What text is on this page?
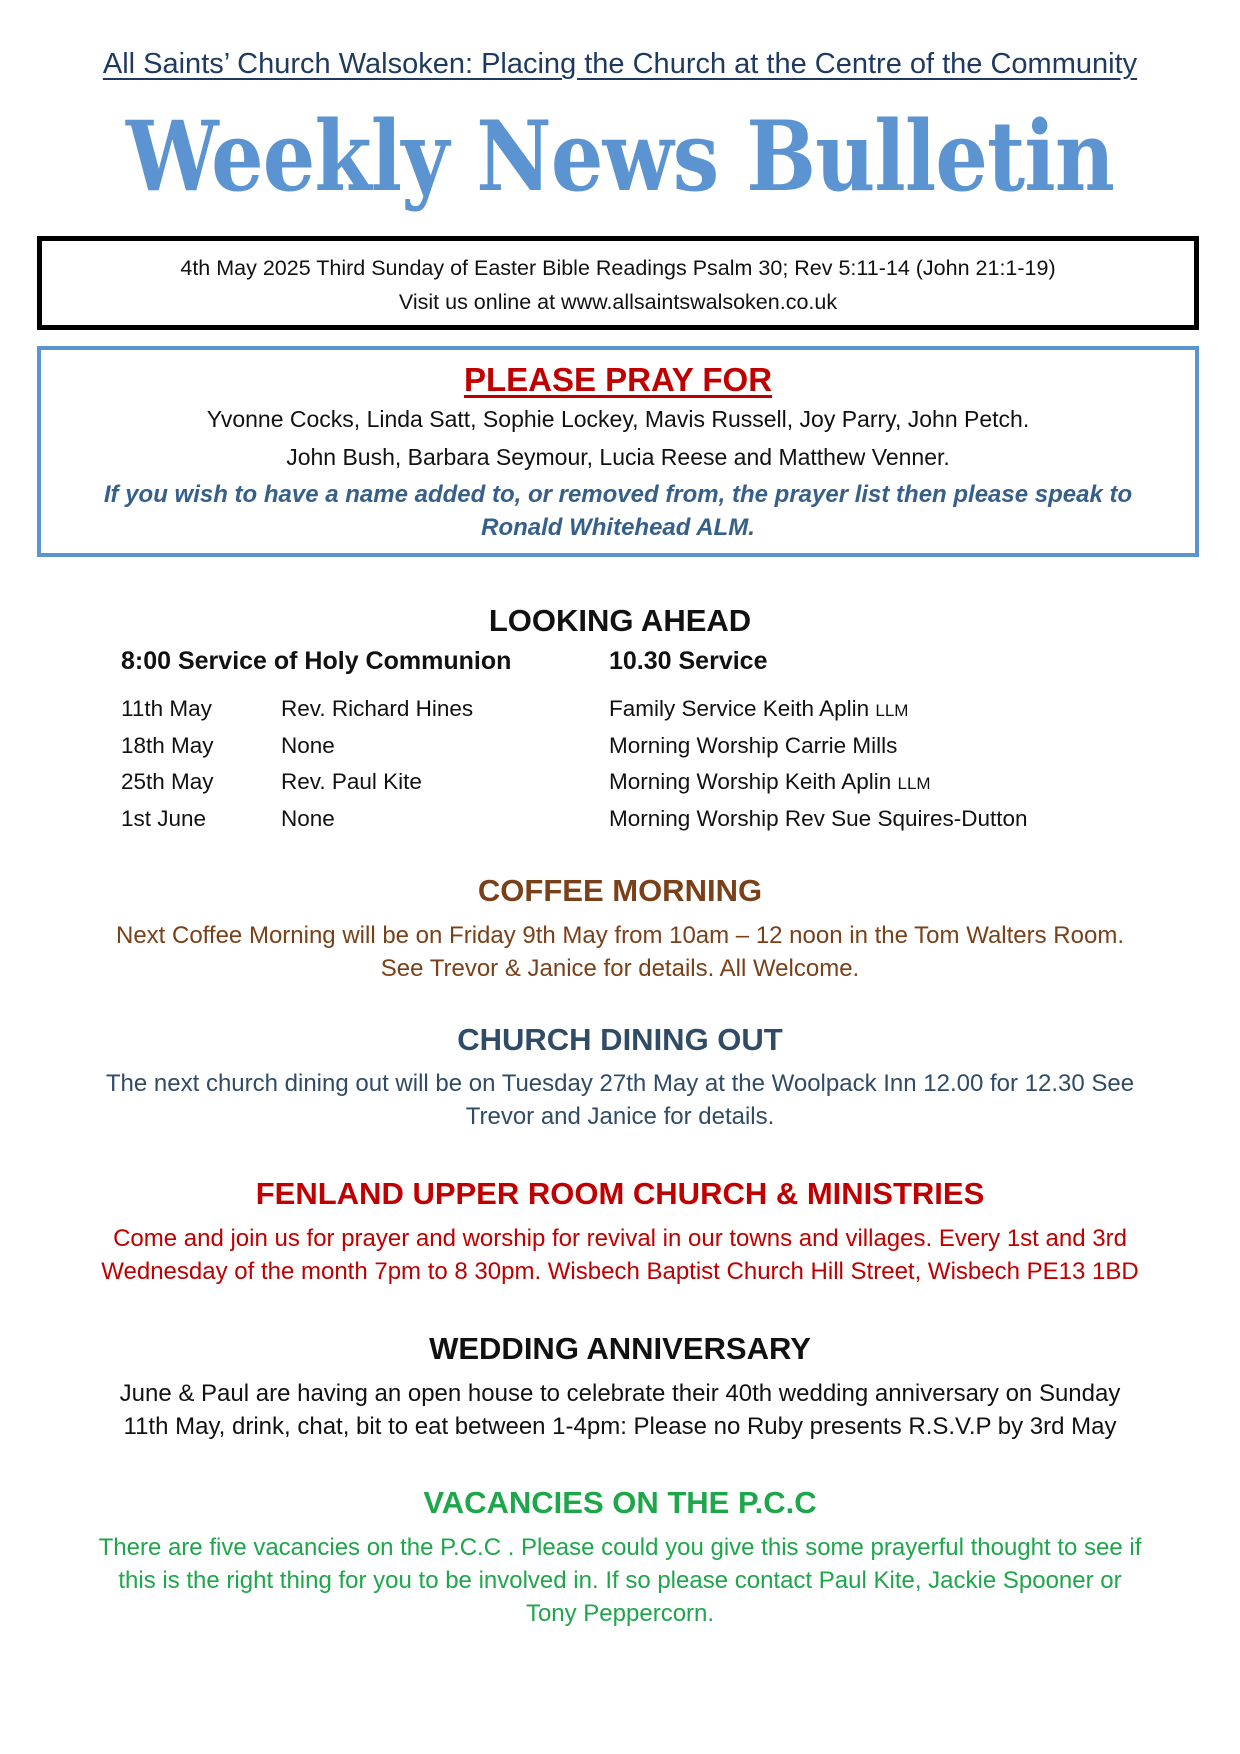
All Saints’ Church Walsoken: Placing the Church at the Centre of the Community
Weekly News Bulletin
4th May 2025 Third Sunday of Easter Bible Readings Psalm 30; Rev 5:11-14 (John 21:1-19)
Visit us online at www.allsaintswalsoken.co.uk
PLEASE PRAY FOR
Yvonne Cocks, Linda Satt, Sophie Lockey, Mavis Russell, Joy Parry, John Petch.
John Bush, Barbara Seymour, Lucia Reese and Matthew Venner.
If you wish to have a name added to, or removed from, the prayer list then please speak to Ronald Whitehead ALM.
LOOKING AHEAD
8:00 Service of Holy Communion	10.30 Service
11th May	Rev. Richard Hines	Family Service Keith Aplin LLM
18th May	None	Morning Worship Carrie Mills
25th May	Rev. Paul Kite	Morning Worship Keith Aplin LLM
1st June	None	Morning Worship Rev Sue Squires-Dutton
COFFEE MORNING
Next Coffee Morning will be on Friday 9th May from 10am – 12 noon in the Tom Walters Room.
See Trevor & Janice for details. All Welcome.
CHURCH DINING OUT
The next church dining out will be on Tuesday 27th May at the Woolpack Inn 12.00 for 12.30 See
Trevor and Janice for details.
FENLAND UPPER ROOM CHURCH & MINISTRIES
Come and join us for prayer and worship for revival in our towns and villages. Every 1st and 3rd
Wednesday of the month 7pm to 8 30pm. Wisbech Baptist Church Hill Street, Wisbech PE13 1BD
WEDDING ANNIVERSARY
June & Paul are having an open house to celebrate their 40th wedding anniversary on Sunday
11th May, drink, chat, bit to eat between 1-4pm: Please no Ruby presents R.S.V.P by 3rd May
VACANCIES ON THE P.C.C
There are five vacancies on the P.C.C . Please could you give this some prayerful thought to see if
this is the right thing for you to be involved in. If so please contact Paul Kite, Jackie Spooner or
Tony Peppercorn.
